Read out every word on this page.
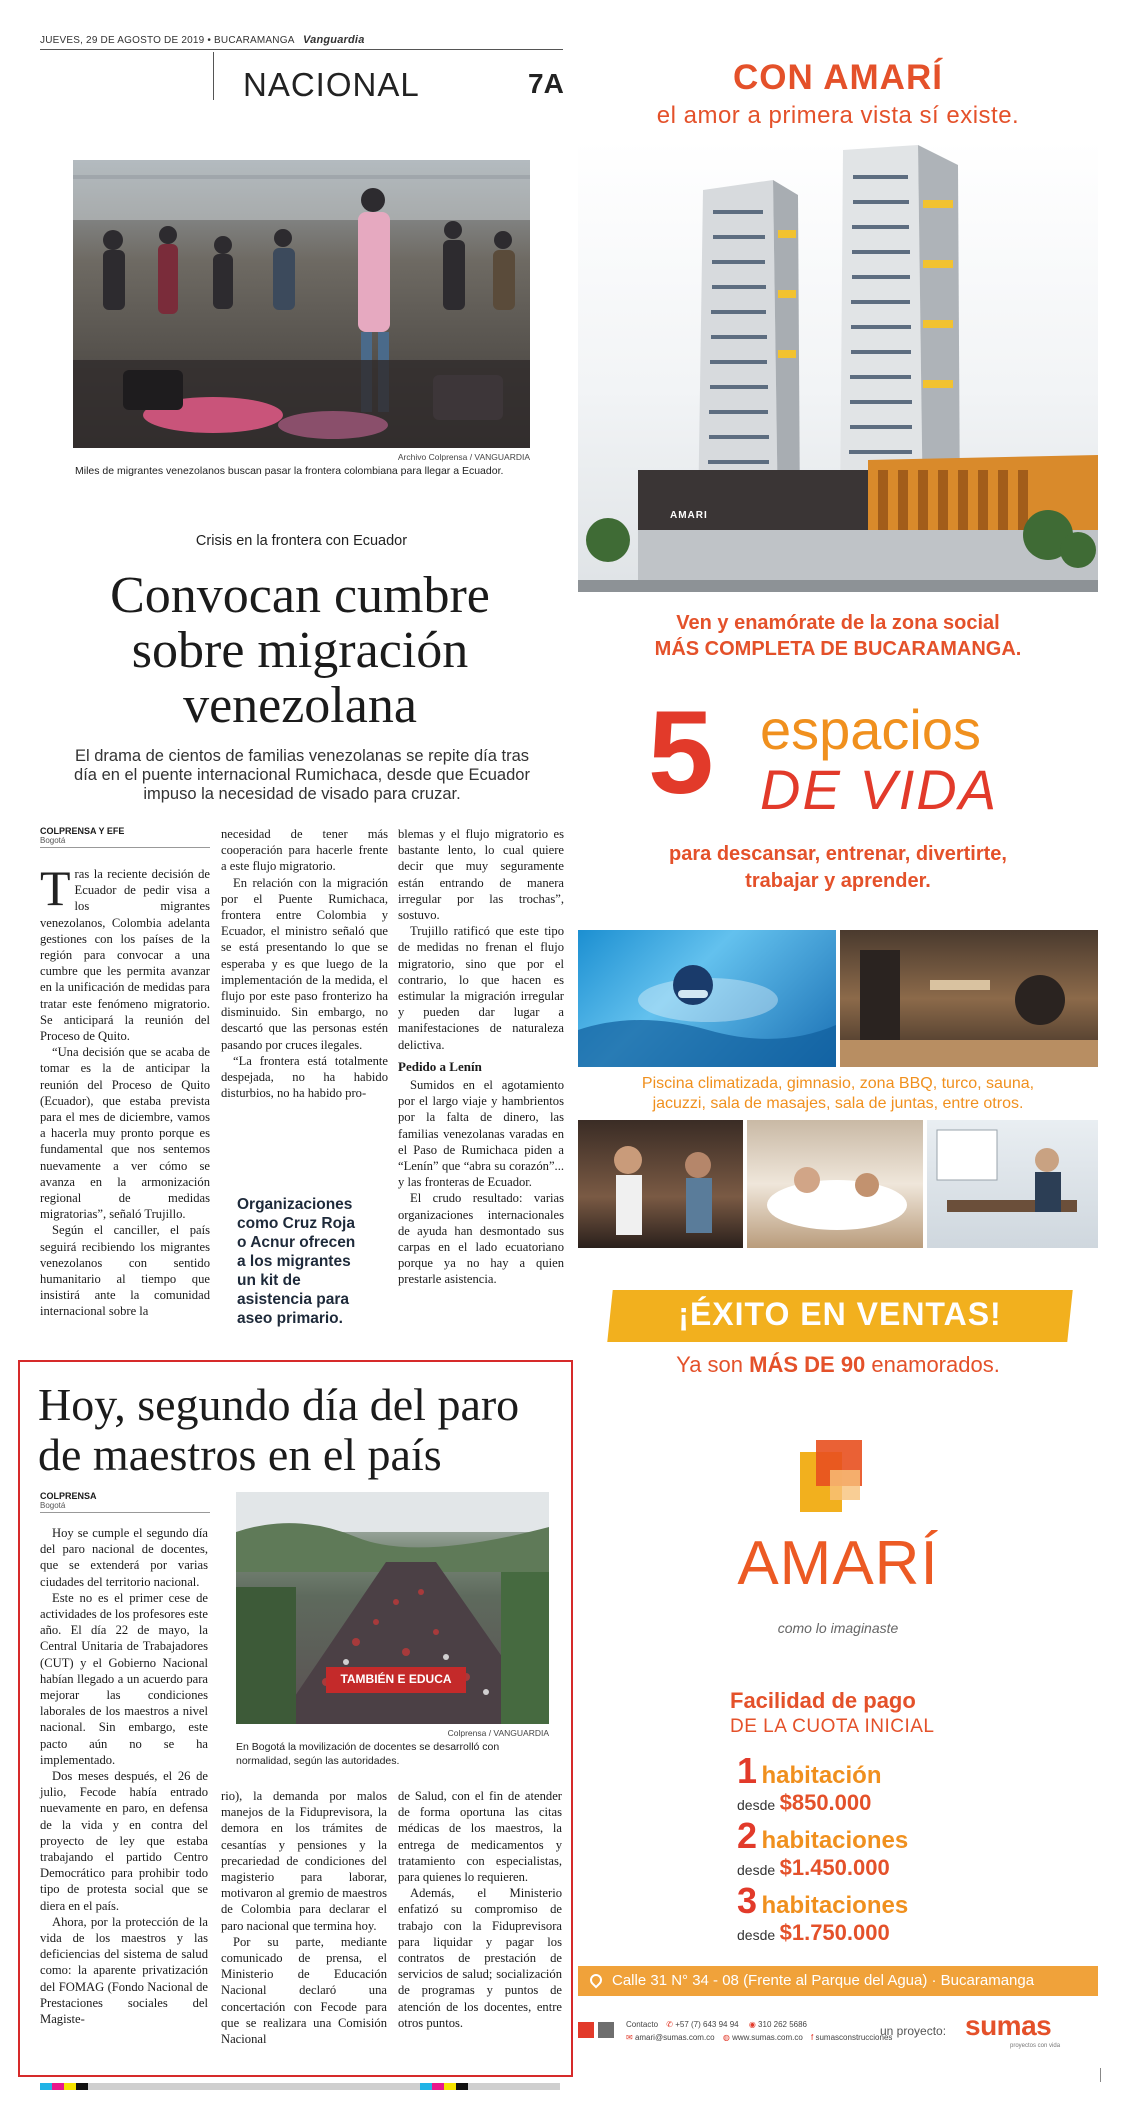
JUEVES, 29 DE AGOSTO DE 2019 • BUCARAMANGA Vanguardia
NACIONAL	7A
Archivo Colprensa / VANGUARDIA
Miles de migrantes venezolanos buscan pasar la frontera colombiana para llegar a Ecuador.
Crisis en la frontera con Ecuador
Convocan cumbre sobre migración venezolana
El drama de cientos de familias venezolanas se repite día tras día en el puente internacional Rumichaca, desde que Ecuador impuso la necesidad de visado para cruzar.
COLPRENSA Y EFE
Bogotá

Tras la reciente decisión de Ecuador de pedir visa a los migrantes venezolanos, Colombia adelanta gestiones con los países de la región para convocar a una cumbre que les permita avanzar en la unificación de medidas para tratar este fenómeno migratorio. Se anticipará la reunión del Proceso de Quito.

“Una decisión que se acaba de tomar es la de anticipar la reunión del Proceso de Quito (Ecuador), que estaba prevista para el mes de diciembre, vamos a hacerla muy pronto porque es fundamental que nos sentemos nuevamente a ver cómo se avanza en la armonización regional de medidas migratorias”, señaló Trujillo.

Según el canciller, el país seguirá recibiendo los migrantes venezolanos con sentido humanitario al tiempo que insistirá ante la comunidad internacional sobre la

necesidad de tener más cooperación para hacerle frente a este flujo migratorio.

En relación con la migración por el Puente Rumichaca, frontera entre Colombia y Ecuador, el ministro señaló que se está presentando lo que se esperaba y es que luego de la implementación de la medida, el flujo por este paso fronterizo ha disminuido. Sin embargo, no descartó que las personas estén pasando por cruces ilegales.

“La frontera está totalmente despejada, no ha habido disturbios, no ha habido pro-

Organizaciones como Cruz Roja o Acnur ofrecen a los migrantes un kit de asistencia para aseo primario.

blemas y el flujo migratorio es bastante lento, lo cual quiere decir que muy seguramente están entrando de manera irregular por las trochas”, sostuvo.

Trujillo ratificó que este tipo de medidas no frenan el flujo migratorio, sino que por el contrario, lo que hacen es estimular la migración irregular y pueden dar lugar a manifestaciones de naturaleza delictiva.

Pedido a Lenín

Sumidos en el agotamiento por el largo viaje y hambrientos por la falta de dinero, las familias venezolanas varadas en el Paso de Rumichaca piden a “Lenín” que “abra su corazón”... y las fronteras de Ecuador.

El crudo resultado: varias organizaciones internacionales de ayuda han desmontado sus carpas en el lado ecuatoriano porque ya no hay a quien prestarle asistencia.

Hoy, segundo día del paro de maestros en el país
COLPRENSA
Bogotá
TAMBIÉN E EDUCA
Colprensa / VANGUARDIA
En Bogotá la movilización de docentes se desarrolló con normalidad, según las autoridades.

Hoy se cumple el segundo día del paro nacional de docentes, que se extenderá por varias ciudades del territorio nacional.

Este no es el primer cese de actividades de los profesores este año. El día 22 de mayo, la Central Unitaria de Trabajadores (CUT) y el Gobierno Nacional habían llegado a un acuerdo para mejorar las condiciones laborales de los maestros a nivel nacional. Sin embargo, este pacto aún no se ha implementado.

Dos meses después, el 26 de julio, Fecode había entrado nuevamente en paro, en defensa de la vida y en contra del proyecto de ley que estaba trabajando el partido Centro Democrático para prohibir todo tipo de protesta social que se diera en el país.

Ahora, por la protección de la vida de los maestros y las deficiencias del sistema de salud como: la aparente privatización del FOMAG (Fondo Nacional de Prestaciones sociales del Magiste-

rio), la demanda por malos manejos de la Fiduprevisora, la demora en los trámites de cesantías y pensiones y la precariedad de condiciones del magisterio para laborar, motivaron al gremio de maestros de Colombia para declarar el paro nacional que termina hoy.

Por su parte, mediante comunicado de prensa, el Ministerio de Educación Nacional declaró una concertación con Fecode para que se realizara una Comisión Nacional

de Salud, con el fin de atender de forma oportuna las citas médicas de los maestros, la entrega de medicamentos y tratamiento con especialistas, para quienes lo requieren.

Además, el Ministerio enfatizó su compromiso de trabajo con la Fiduprevisora para liquidar y pagar los contratos de prestación de servicios de salud; socialización de programas y puntos de atención de los docentes, entre otros puntos.

CON AMARÍ
el amor a primera vista sí existe.
AMARI
Ven y enamórate de la zona social
MÁS COMPLETA DE BUCARAMANGA.
5 espacios
DE VIDA
para descansar, entrenar, divertirte,
trabajar y aprender.
Piscina climatizada, gimnasio, zona BBQ, turco, sauna,
jacuzzi, sala de masajes, sala de juntas, entre otros.
¡ÉXITO EN VENTAS!
Ya son MÁS DE 90 enamorados.
AMARÍ
como lo imaginaste
Facilidad de pago
DE LA CUOTA INICIAL
1 habitación
desde $850.000
2 habitaciones
desde $1.450.000
3 habitaciones
desde $1.750.000
Calle 31 N° 34 - 08 (Frente al Parque del Agua) · Bucaramanga
Contacto ✆ +57 (7) 643 94 94 ◉ 310 262 5686
✉ amari@sumas.com.co ◍ www.sumas.com.co f sumasconstrucciones
un proyecto: sumas
proyectos con vida
